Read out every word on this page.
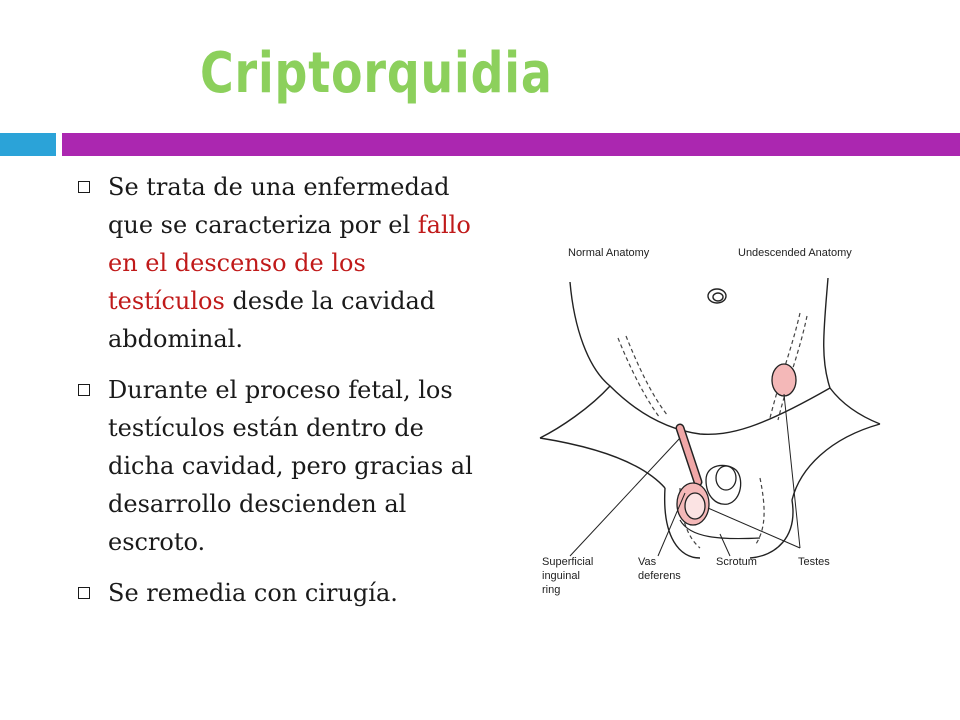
Criptorquidia
Se trata de una enfermedad que se caracteriza por el fallo en el descenso de los testículos desde la cavidad abdominal.
Durante el proceso fetal, los testículos están dentro de dicha cavidad, pero gracias al desarrollo descienden al escroto.
Se remedia con cirugía.
Normal Anatomy	Undescended Anatomy
Superficial
inguinal
ring
Vas
deferens
Scrotum	Testes
